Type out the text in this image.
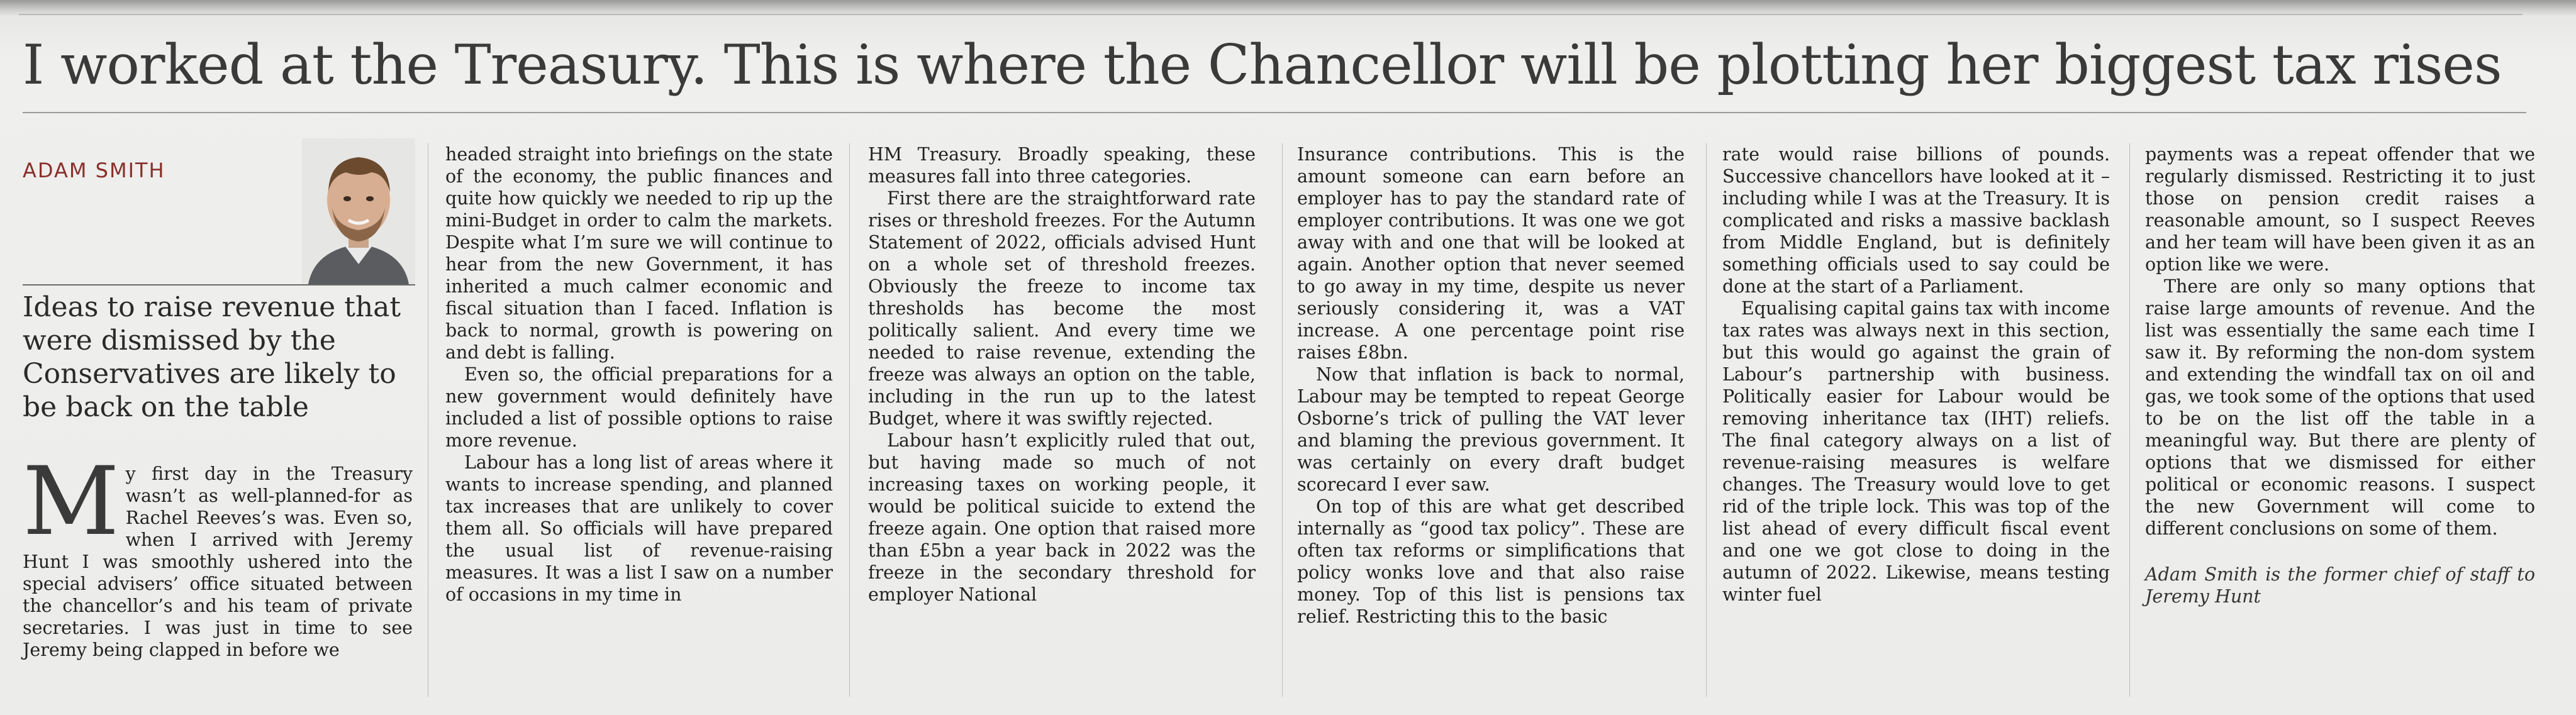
I worked at the Treasury. This is where the Chancellor will be plotting her biggest tax rises
ADAM SMITH
Ideas to raise revenue that were dismissed by the Conservatives are likely to be back on the table
My first day in the Treasury wasn’t as well-planned-for as Rachel Reeves’s was. Even so, when I arrived with Jeremy Hunt I was smoothly ushered into the special advisers’ office situated between the chancellor’s and his team of private secretaries. I was just in time to see Jeremy being clapped in before we

headed straight into briefings on the state of the economy, the public finances and quite how quickly we needed to rip up the mini-Budget in order to calm the markets. Despite what I’m sure we will continue to hear from the new Government, it has inherited a much calmer economic and fiscal situation than I faced. Inflation is back to normal, growth is powering on and debt is falling.

Even so, the official preparations for a new government would definitely have included a list of possible options to raise more revenue.

Labour has a long list of areas where it wants to increase spending, and planned tax increases that are unlikely to cover them all. So officials will have prepared the usual list of revenue-raising measures. It was a list I saw on a number of occasions in my time in

HM Treasury. Broadly speaking, these measures fall into three categories.

First there are the straightforward rate rises or threshold freezes. For the Autumn Statement of 2022, officials advised Hunt on a whole set of threshold freezes. Obviously the freeze to income tax thresholds has become the most politically salient. And every time we needed to raise revenue, extending the freeze was always an option on the table, including in the run up to the latest Budget, where it was swiftly rejected.

Labour hasn’t explicitly ruled that out, but having made so much of not increasing taxes on working people, it would be political suicide to extend the freeze again. One option that raised more than £5bn a year back in 2022 was the freeze in the secondary threshold for employer National

Insurance contributions. This is the amount someone can earn before an employer has to pay the standard rate of employer contributions. It was one we got away with and one that will be looked at again. Another option that never seemed to go away in my time, despite us never seriously considering it, was a VAT increase. A one percentage point rise raises £8bn.

Now that inflation is back to normal, Labour may be tempted to repeat George Osborne’s trick of pulling the VAT lever and blaming the previous government. It was certainly on every draft budget scorecard I ever saw.

On top of this are what get described internally as “good tax policy”. These are often tax reforms or simplifications that policy wonks love and that also raise money. Top of this list is pensions tax relief. Restricting this to the basic

rate would raise billions of pounds. Successive chancellors have looked at it – including while I was at the Treasury. It is complicated and risks a massive backlash from Middle England, but is definitely something officials used to say could be done at the start of a Parliament.

Equalising capital gains tax with income tax rates was always next in this section, but this would go against the grain of Labour’s partnership with business. Politically easier for Labour would be removing inheritance tax (IHT) reliefs. The final category always on a list of revenue-raising measures is welfare changes. The Treasury would love to get rid of the triple lock. This was top of the list ahead of every difficult fiscal event and one we got close to doing in the autumn of 2022. Likewise, means testing winter fuel

payments was a repeat offender that we regularly dismissed. Restricting it to just those on pension credit raises a reasonable amount, so I suspect Reeves and her team will have been given it as an option like we were.

There are only so many options that raise large amounts of revenue. And the list was essentially the same each time I saw it. By reforming the non-dom system and extending the windfall tax on oil and gas, we took some of the options that used to be on the list off the table in a meaningful way. But there are plenty of options that we dismissed for either political or economic reasons. I suspect the new Government will come to different conclusions on some of them.

Adam Smith is the former chief of staff to Jeremy Hunt
